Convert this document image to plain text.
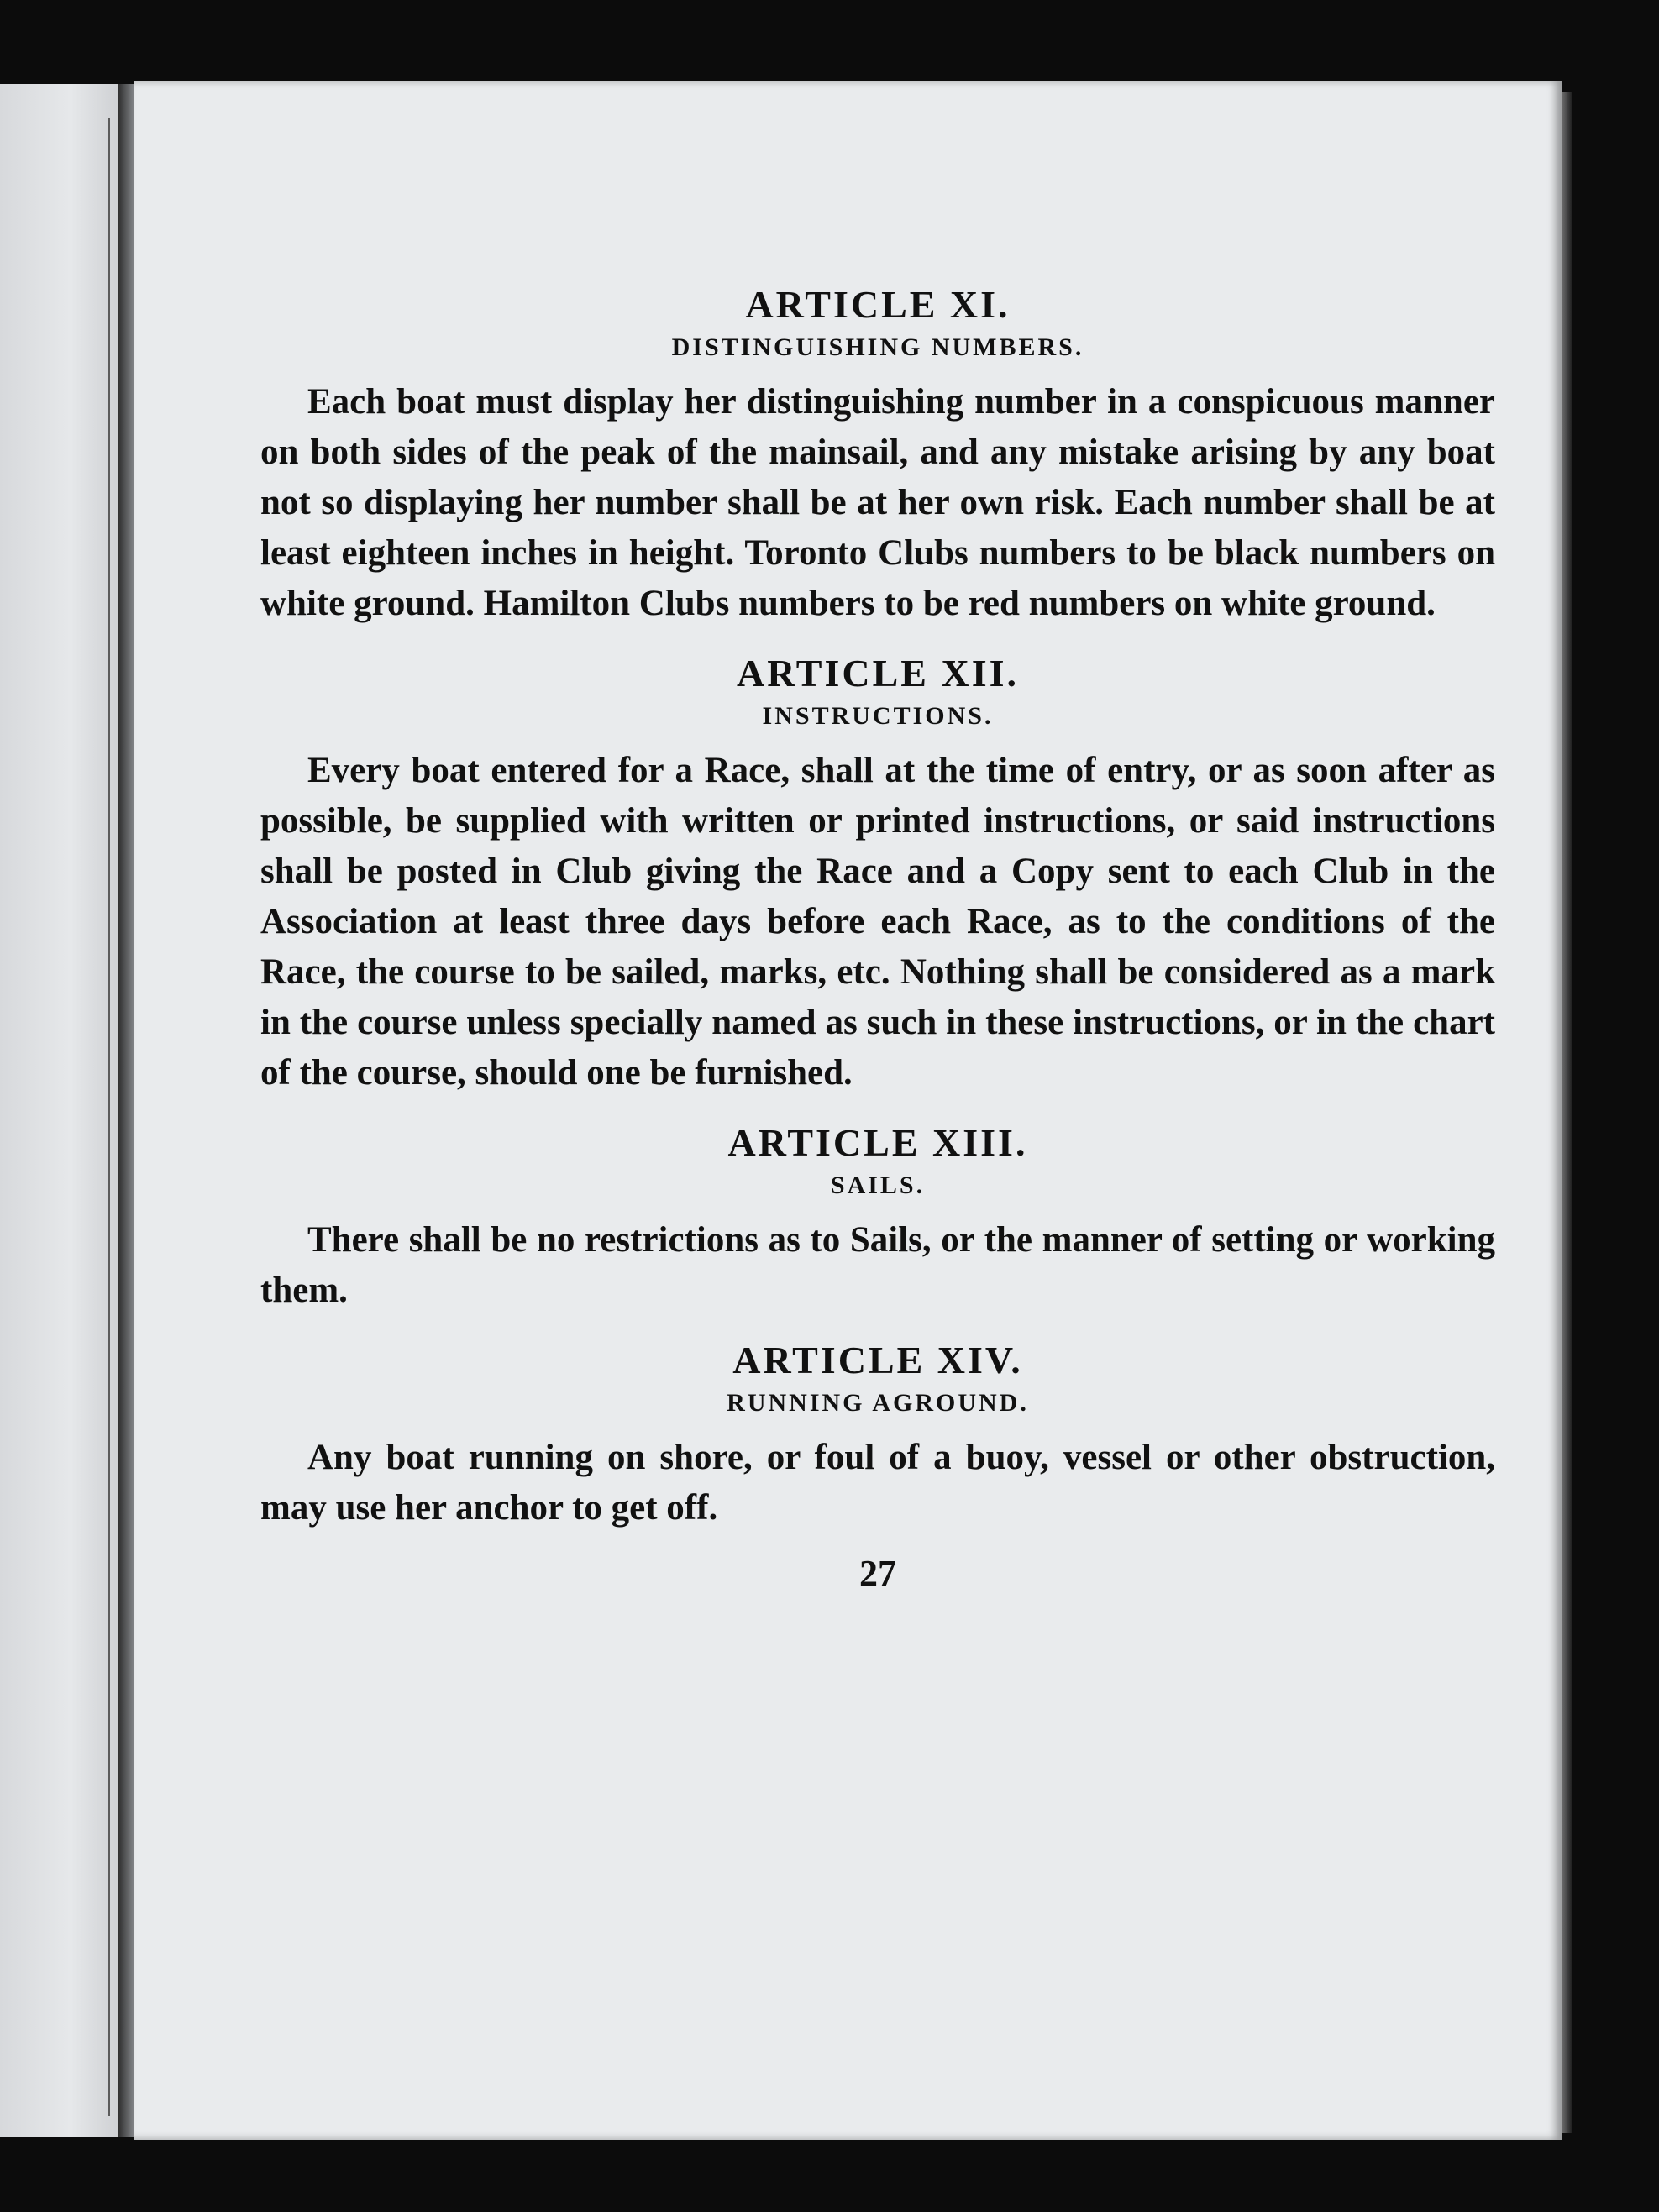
ARTICLE XI.
DISTINGUISHING NUMBERS.

Each boat must display her distinguishing number in a conspicuous manner on both sides of the peak of the mainsail, and any mistake arising by any boat not so displaying her number shall be at her own risk. Each number shall be at least eighteen inches in height. Toronto Clubs numbers to be black numbers on white ground. Hamilton Clubs numbers to be red numbers on white ground.

ARTICLE XII.
INSTRUCTIONS.

Every boat entered for a Race, shall at the time of entry, or as soon after as possible, be supplied with written or printed instructions, or said instructions shall be posted in Club giving the Race and a Copy sent to each Club in the Association at least three days before each Race, as to the conditions of the Race, the course to be sailed, marks, etc. Nothing shall be considered as a mark in the course unless specially named as such in these instructions, or in the chart of the course, should one be furnished.

ARTICLE XIII.
SAILS.

There shall be no restrictions as to Sails, or the manner of setting or working them.

ARTICLE XIV.
RUNNING AGROUND.

Any boat running on shore, or foul of a buoy, vessel or other obstruction, may use her anchor to get off.

27
